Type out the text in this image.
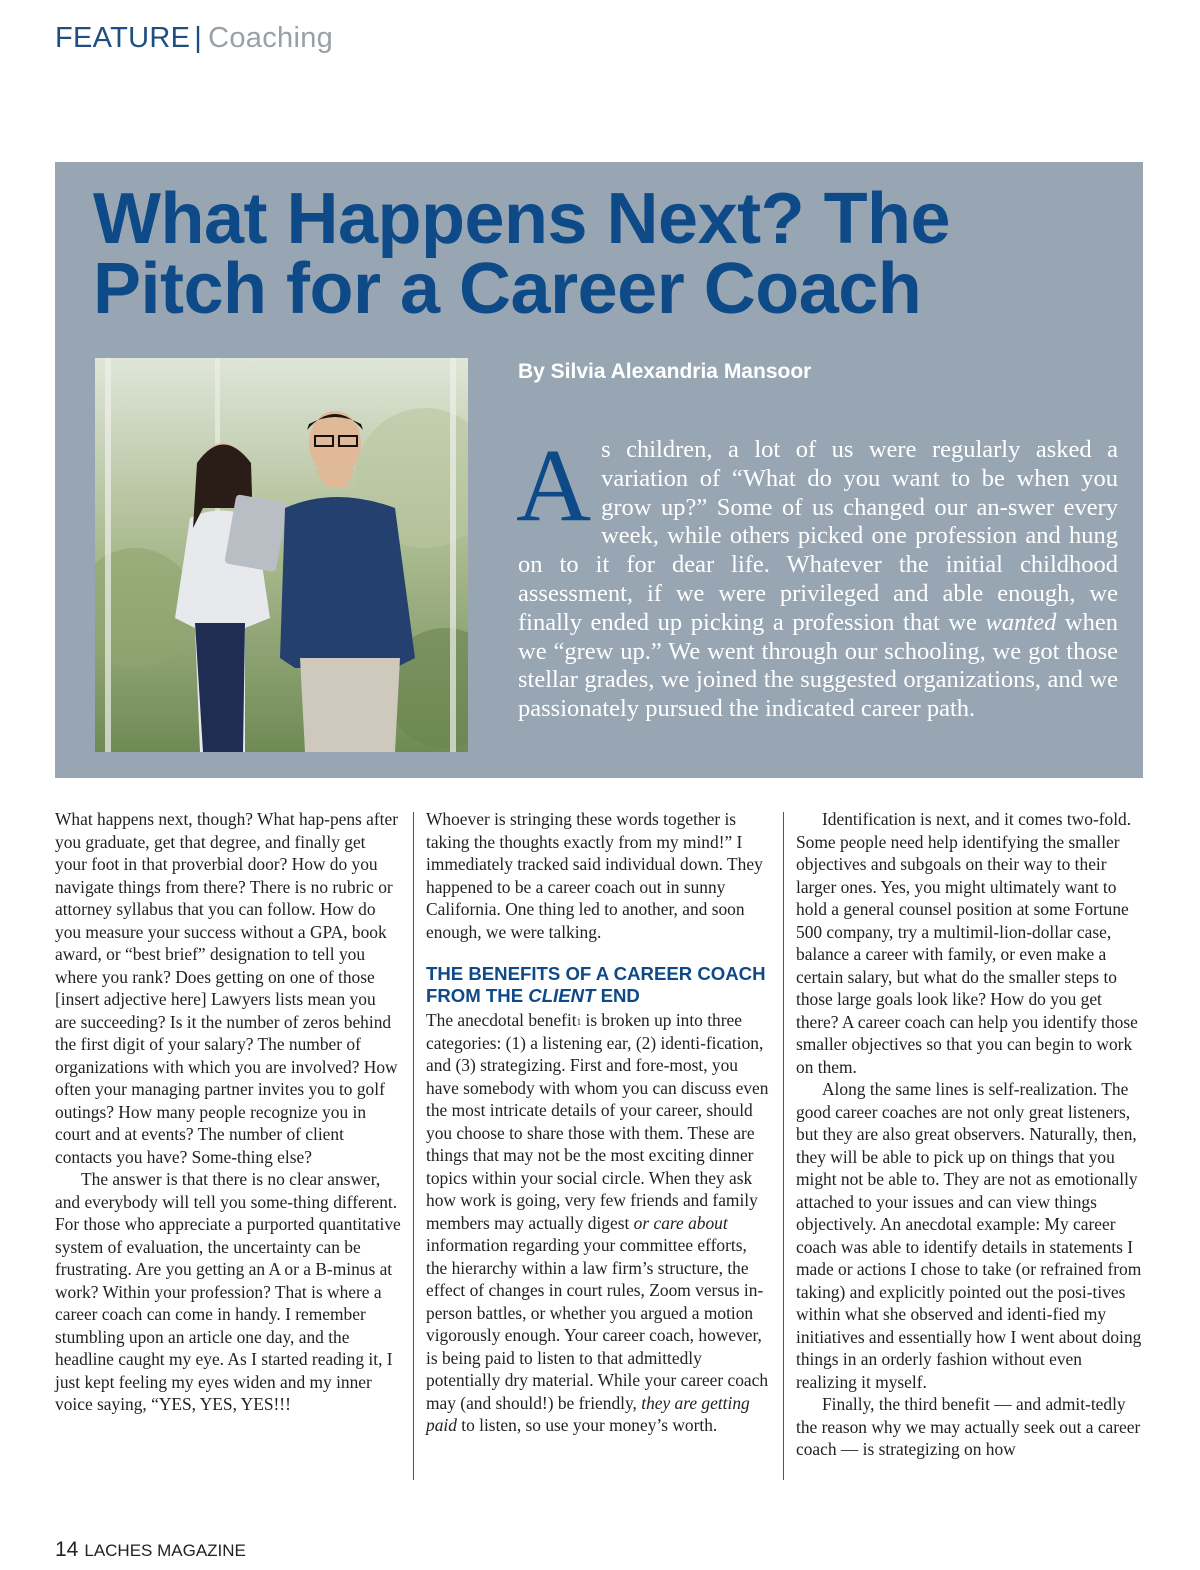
FEATURE | Coaching
What Happens Next? The
Pitch for a Career Coach
By Silvia Alexandria Mansoor
As children, a lot of us were regularly asked a variation of “What do you want to be when you grow up?” Some of us changed our an-swer every week, while others picked one profession and hung on to it for dear life. Whatever the initial childhood assessment, if we were privileged and able enough, we finally ended up picking a profession that we wanted when we “grew up.” We went through our schooling, we got those stellar grades, we joined the suggested organizations, and we passionately pursued the indicated career path.

What happens next, though? What hap-pens after you graduate, get that degree, and finally get your foot in that proverbial door? How do you navigate things from there? There is no rubric or attorney syllabus that you can follow. How do you measure your success without a GPA, book award, or “best brief” designation to tell you where you rank? Does getting on one of those [insert adjective here] Lawyers lists mean you are succeeding? Is it the number of zeros behind the first digit of your salary? The number of organizations with which you are involved? How often your managing partner invites you to golf outings? How many people recognize you in court and at events? The number of client contacts you have? Some-thing else?

The answer is that there is no clear answer, and everybody will tell you some-thing different. For those who appreciate a purported quantitative system of evaluation, the uncertainty can be frustrating. Are you getting an A or a B-minus at work? Within your profession? That is where a career coach can come in handy. I remember stumbling upon an article one day, and the headline caught my eye. As I started reading it, I just kept feeling my eyes widen and my inner voice saying, “YES, YES, YES!!!

Whoever is stringing these words together is taking the thoughts exactly from my mind!” I immediately tracked said individual down. They happened to be a career coach out in sunny California. One thing led to another, and soon enough, we were talking.

THE BENEFITS OF A CAREER COACH FROM THE CLIENT END

The anecdotal benefit$^1$ is broken up into three categories: (1) a listening ear, (2) identi-fication, and (3) strategizing. First and fore-most, you have somebody with whom you can discuss even the most intricate details of your career, should you choose to share those with them. These are things that may not be the most exciting dinner topics within your social circle. When they ask how work is going, very few friends and family members may actually digest or care about information regarding your committee efforts, the hierarchy within a law firm’s structure, the effect of changes in court rules, Zoom versus in-person battles, or whether you argued a motion vigorously enough. Your career coach, however, is being paid to listen to that admittedly potentially dry material. While your career coach may (and should!) be friendly, they are getting paid to listen, so use your money’s worth.

Identification is next, and it comes two-fold. Some people need help identifying the smaller objectives and subgoals on their way to their larger ones. Yes, you might ultimately want to hold a general counsel position at some Fortune 500 company, try a multimil-lion-dollar case, balance a career with family, or even make a certain salary, but what do the smaller steps to those large goals look like? How do you get there? A career coach can help you identify those smaller objectives so that you can begin to work on them.

Along the same lines is self-realization. The good career coaches are not only great listeners, but they are also great observers. Naturally, then, they will be able to pick up on things that you might not be able to. They are not as emotionally attached to your issues and can view things objectively. An anecdotal example: My career coach was able to identify details in statements I made or actions I chose to take (or refrained from taking) and explicitly pointed out the posi-tives within what she observed and identi-fied my initiatives and essentially how I went about doing things in an orderly fashion without even realizing it myself.

Finally, the third benefit — and admit-tedly the reason why we may actually seek out a career coach — is strategizing on how

14 LACHES MAGAZINE
